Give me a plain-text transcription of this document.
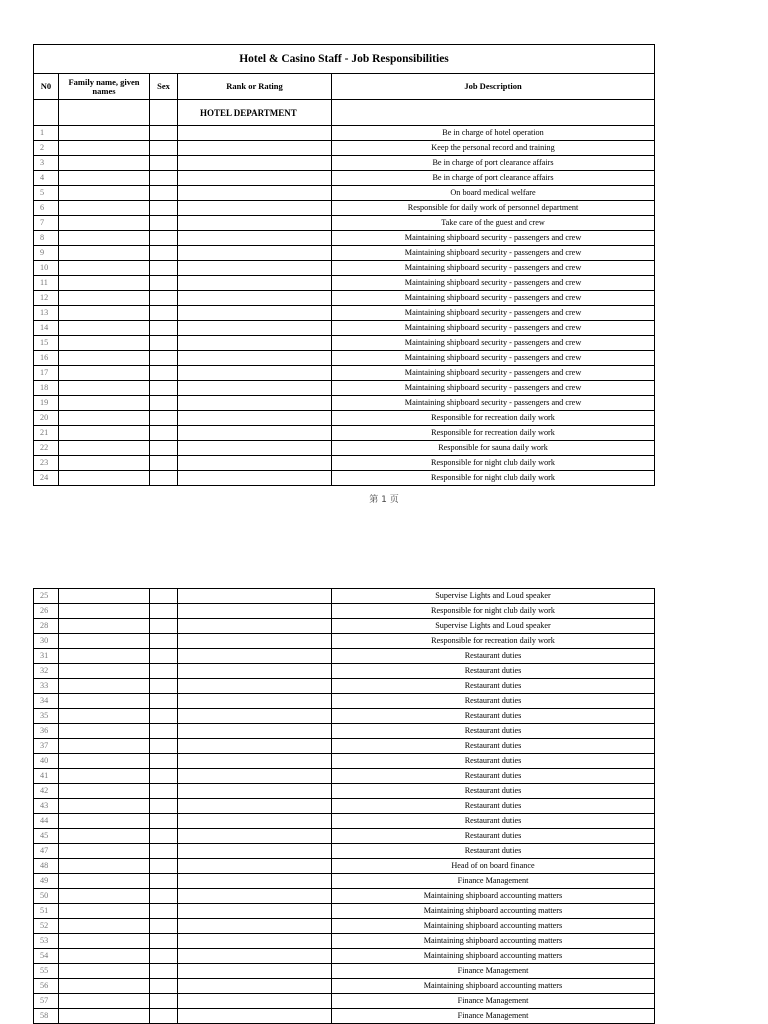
Hotel & Casino Staff - Job Responsibilities				
N0	Family name, given names	Sex	Rank or Rating	Job Description
			HOTEL DEPARTMENT	
1				Be in charge of hotel operation
2				Keep the personal record and training
3				Be in charge of port clearance affairs
4				Be in charge of port clearance affairs
5				On board medical welfare
6				Responsible for daily work of personnel department
7				Take care of the guest and crew
8				Maintaining shipboard security - passengers and crew
9				Maintaining shipboard security - passengers and crew
10				Maintaining shipboard security - passengers and crew
11				Maintaining shipboard security - passengers and crew
12				Maintaining shipboard security - passengers and crew
13				Maintaining shipboard security - passengers and crew
14				Maintaining shipboard security - passengers and crew
15				Maintaining shipboard security - passengers and crew
16				Maintaining shipboard security - passengers and crew
17				Maintaining shipboard security - passengers and crew
18				Maintaining shipboard security - passengers and crew
19				Maintaining shipboard security - passengers and crew
20				Responsible for recreation daily work
21				Responsible for recreation daily work
22				Responsible for sauna daily work
23				Responsible for night club daily work
24				Responsible for night club daily work
第 1 页
25				Supervise Lights and Loud speaker
26				Responsible for night club daily work
28				Supervise Lights and Loud speaker
30				Responsible for recreation daily work
31				Restaurant duties
32				Restaurant duties
33				Restaurant duties
34				Restaurant duties
35				Restaurant duties
36				Restaurant duties
37				Restaurant duties
40				Restaurant duties
41				Restaurant duties
42				Restaurant duties
43				Restaurant duties
44				Restaurant duties
45				Restaurant duties
47				Restaurant duties
48				Head of on board finance
49				Finance Management
50				Maintaining shipboard accounting matters
51				Maintaining shipboard accounting matters
52				Maintaining shipboard accounting matters
53				Maintaining shipboard accounting matters
54				Maintaining shipboard accounting matters
55				Finance Management
56				Maintaining shipboard accounting matters
57				Finance Management
58				Finance Management
